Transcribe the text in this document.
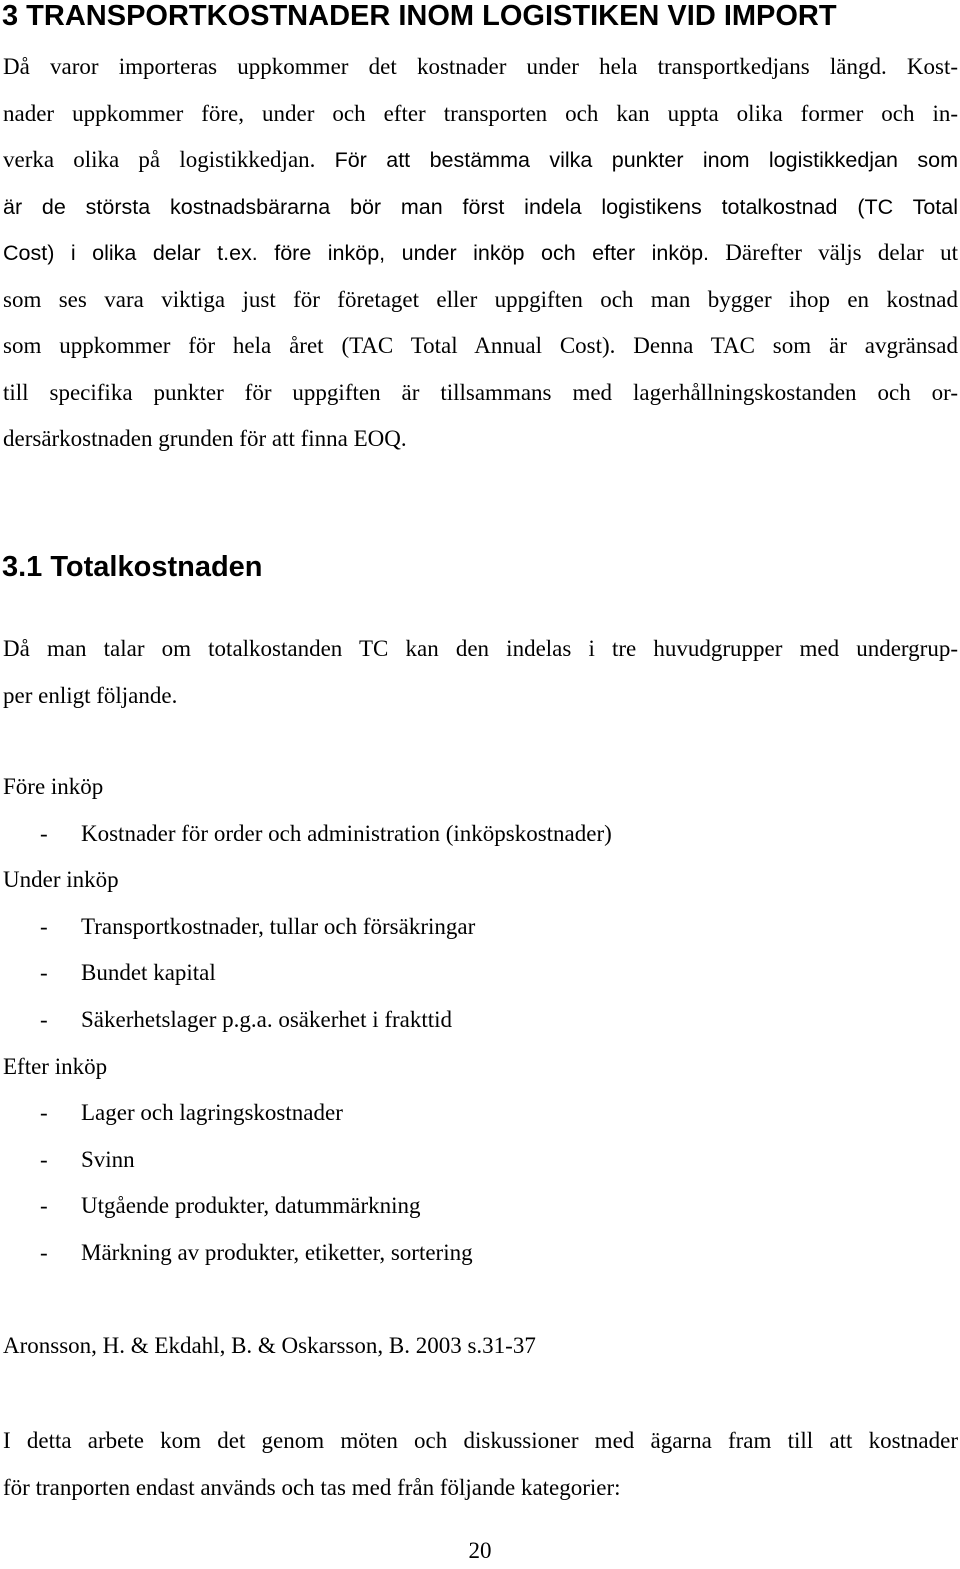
3 TRANSPORTKOSTNADER INOM LOGISTIKEN VID IMPORT
Då varor importeras uppkommer det kostnader under hela transportkedjans längd. Kost-
nader uppkommer före, under och efter transporten och kan uppta olika former och in-
verka olika på logistikkedjan. För att bestämma vilka punkter inom logistikkedjan som
är de största kostnadsbärarna bör man först indela logistikens totalkostnad (TC Total
Cost) i olika delar t.ex. före inköp, under inköp och efter inköp. Därefter väljs delar ut
som ses vara viktiga just för företaget eller uppgiften och man bygger ihop en kostnad
som uppkommer för hela året (TAC Total Annual Cost). Denna TAC som är avgränsad
till specifika punkter för uppgiften är tillsammans med lagerhållningskostanden och or-
dersärkostnaden grunden för att finna EOQ.
3.1 Totalkostnaden
Då man talar om totalkostanden TC kan den indelas i tre huvudgrupper med undergrup-
per enligt följande.
Före inköp
- Kostnader för order och administration (inköpskostnader)
Under inköp
- Transportkostnader, tullar och försäkringar
- Bundet kapital
- Säkerhetslager p.g.a. osäkerhet i frakttid
Efter inköp
- Lager och lagringskostnader
- Svinn
- Utgående produkter, datummärkning
- Märkning av produkter, etiketter, sortering
Aronsson, H. & Ekdahl, B. & Oskarsson, B. 2003 s.31-37
I detta arbete kom det genom möten och diskussioner med ägarna fram till att kostnader
för tranporten endast används och tas med från följande kategorier:
20
